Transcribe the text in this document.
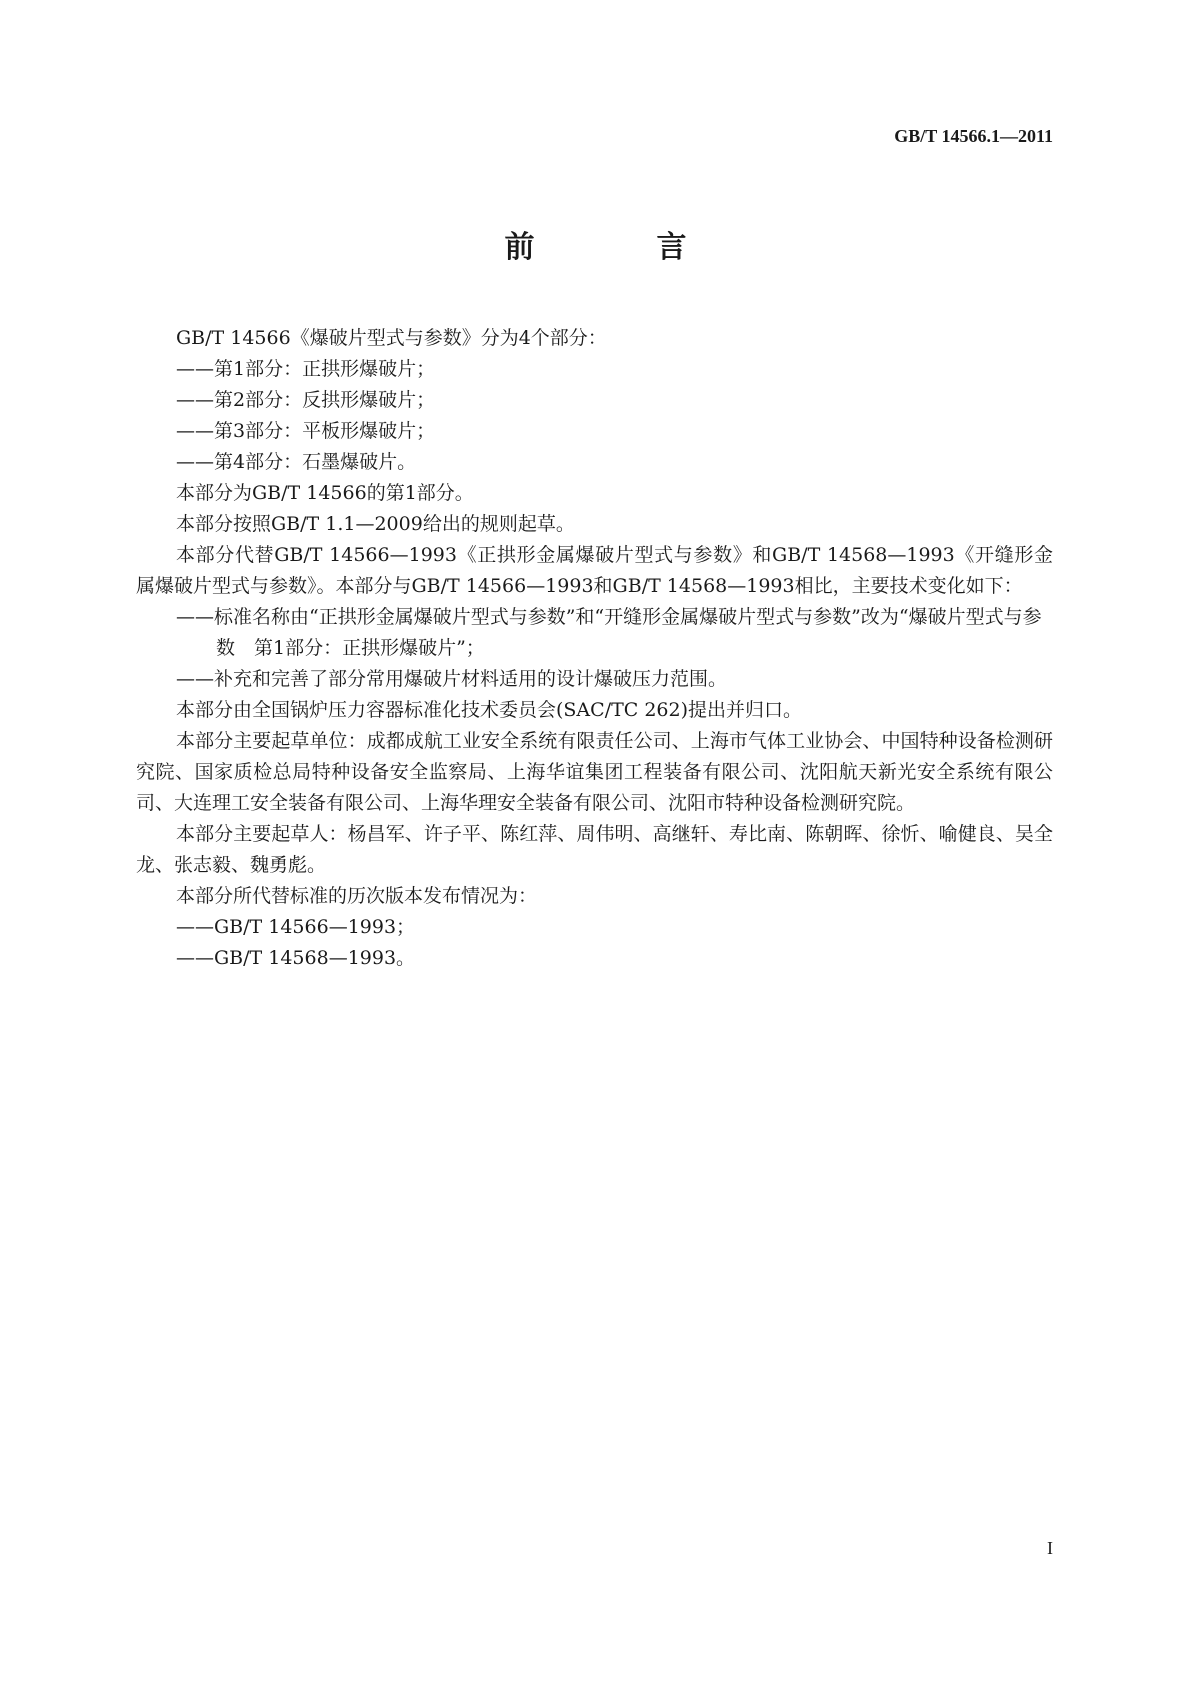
GB/T 14566.1—2011
前　言

GB/T 14566《爆破片型式与参数》分为4个部分：

——第1部分：正拱形爆破片；

——第2部分：反拱形爆破片；

——第3部分：平板形爆破片；

——第4部分：石墨爆破片。

本部分为GB/T 14566的第1部分。

本部分按照GB/T 1.1—2009给出的规则起草。

本部分代替GB/T 14566—1993《正拱形金属爆破片型式与参数》和GB/T 14568—1993《开缝形金属爆破片型式与参数》。本部分与GB/T 14566—1993和GB/T 14568—1993相比，主要技术变化如下：

——标准名称由“正拱形金属爆破片型式与参数”和“开缝形金属爆破片型式与参数”改为“爆破片型式与参数　第1部分：正拱形爆破片”；

——补充和完善了部分常用爆破片材料适用的设计爆破压力范围。

本部分由全国锅炉压力容器标准化技术委员会(SAC/TC 262)提出并归口。

本部分主要起草单位：成都成航工业安全系统有限责任公司、上海市气体工业协会、中国特种设备检测研究院、国家质检总局特种设备安全监察局、上海华谊集团工程装备有限公司、沈阳航天新光安全系统有限公司、大连理工安全装备有限公司、上海华理安全装备有限公司、沈阳市特种设备检测研究院。

本部分主要起草人：杨昌军、许子平、陈红萍、周伟明、高继轩、寿比南、陈朝晖、徐忻、喻健良、吴全龙、张志毅、魏勇彪。

本部分所代替标准的历次版本发布情况为：

——GB/T 14566—1993；

——GB/T 14568—1993。

I
